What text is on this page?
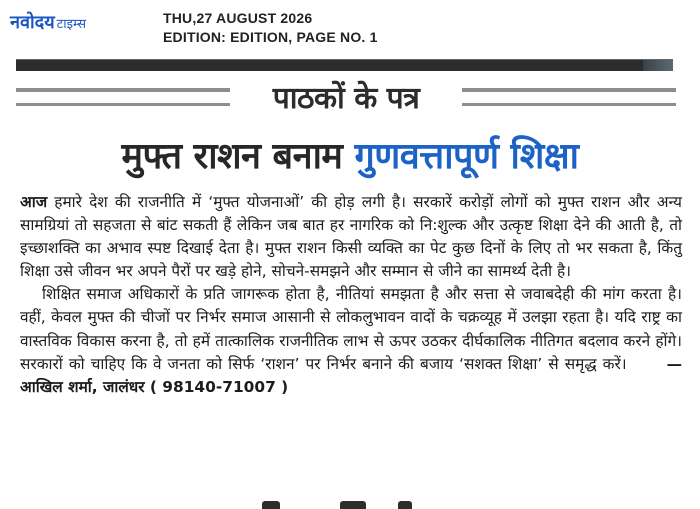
नवोदय टाइम्स	THU,27 AUGUST 2026
EDITION: EDITION, PAGE NO. 1
पाठकों के पत्र
मुफ्त राशन बनाम गुणवत्तापूर्ण शिक्षा

आज हमारे देश की राजनीति में ‘मुफ्त योजनाओं’ की होड़ लगी है। सरकारें करोड़ों लोगों को मुफ्त राशन और अन्य सामग्रियां तो सहजता से बांट सकती हैं लेकिन जब बात हर नागरिक को नि:शुल्क और उत्कृष्ट शिक्षा देने की आती है, तो इच्छाशक्ति का अभाव स्पष्ट दिखाई देता है। मुफ्त राशन किसी व्यक्ति का पेट कुछ दिनों के लिए तो भर सकता है, किंतु शिक्षा उसे जीवन भर अपने पैरों पर खड़े होने, सोचने-समझने और सम्मान से जीने का सामर्थ्य देती है।

शिक्षित समाज अधिकारों के प्रति जागरूक होता है, नीतियां समझता है और सत्ता से जवाबदेही की मांग करता है। वहीं, केवल मुफ्त की चीजों पर निर्भर समाज आसानी से लोकलुभावन वादों के चक्रव्यूह में उलझा रहता है। यदि राष्ट्र का वास्तविक विकास करना है, तो हमें तात्कालिक राजनीतिक लाभ से ऊपर उठकर दीर्घकालिक नीतिगत बदलाव करने होंगे। सरकारों को चाहिए कि वे जनता को सिर्फ ‘राशन’ पर निर्भर बनाने की बजाय ‘सशक्त शिक्षा’ से समृद्ध करें।	—आखिल शर्मा, जालंधर ( 98140-71007 )
